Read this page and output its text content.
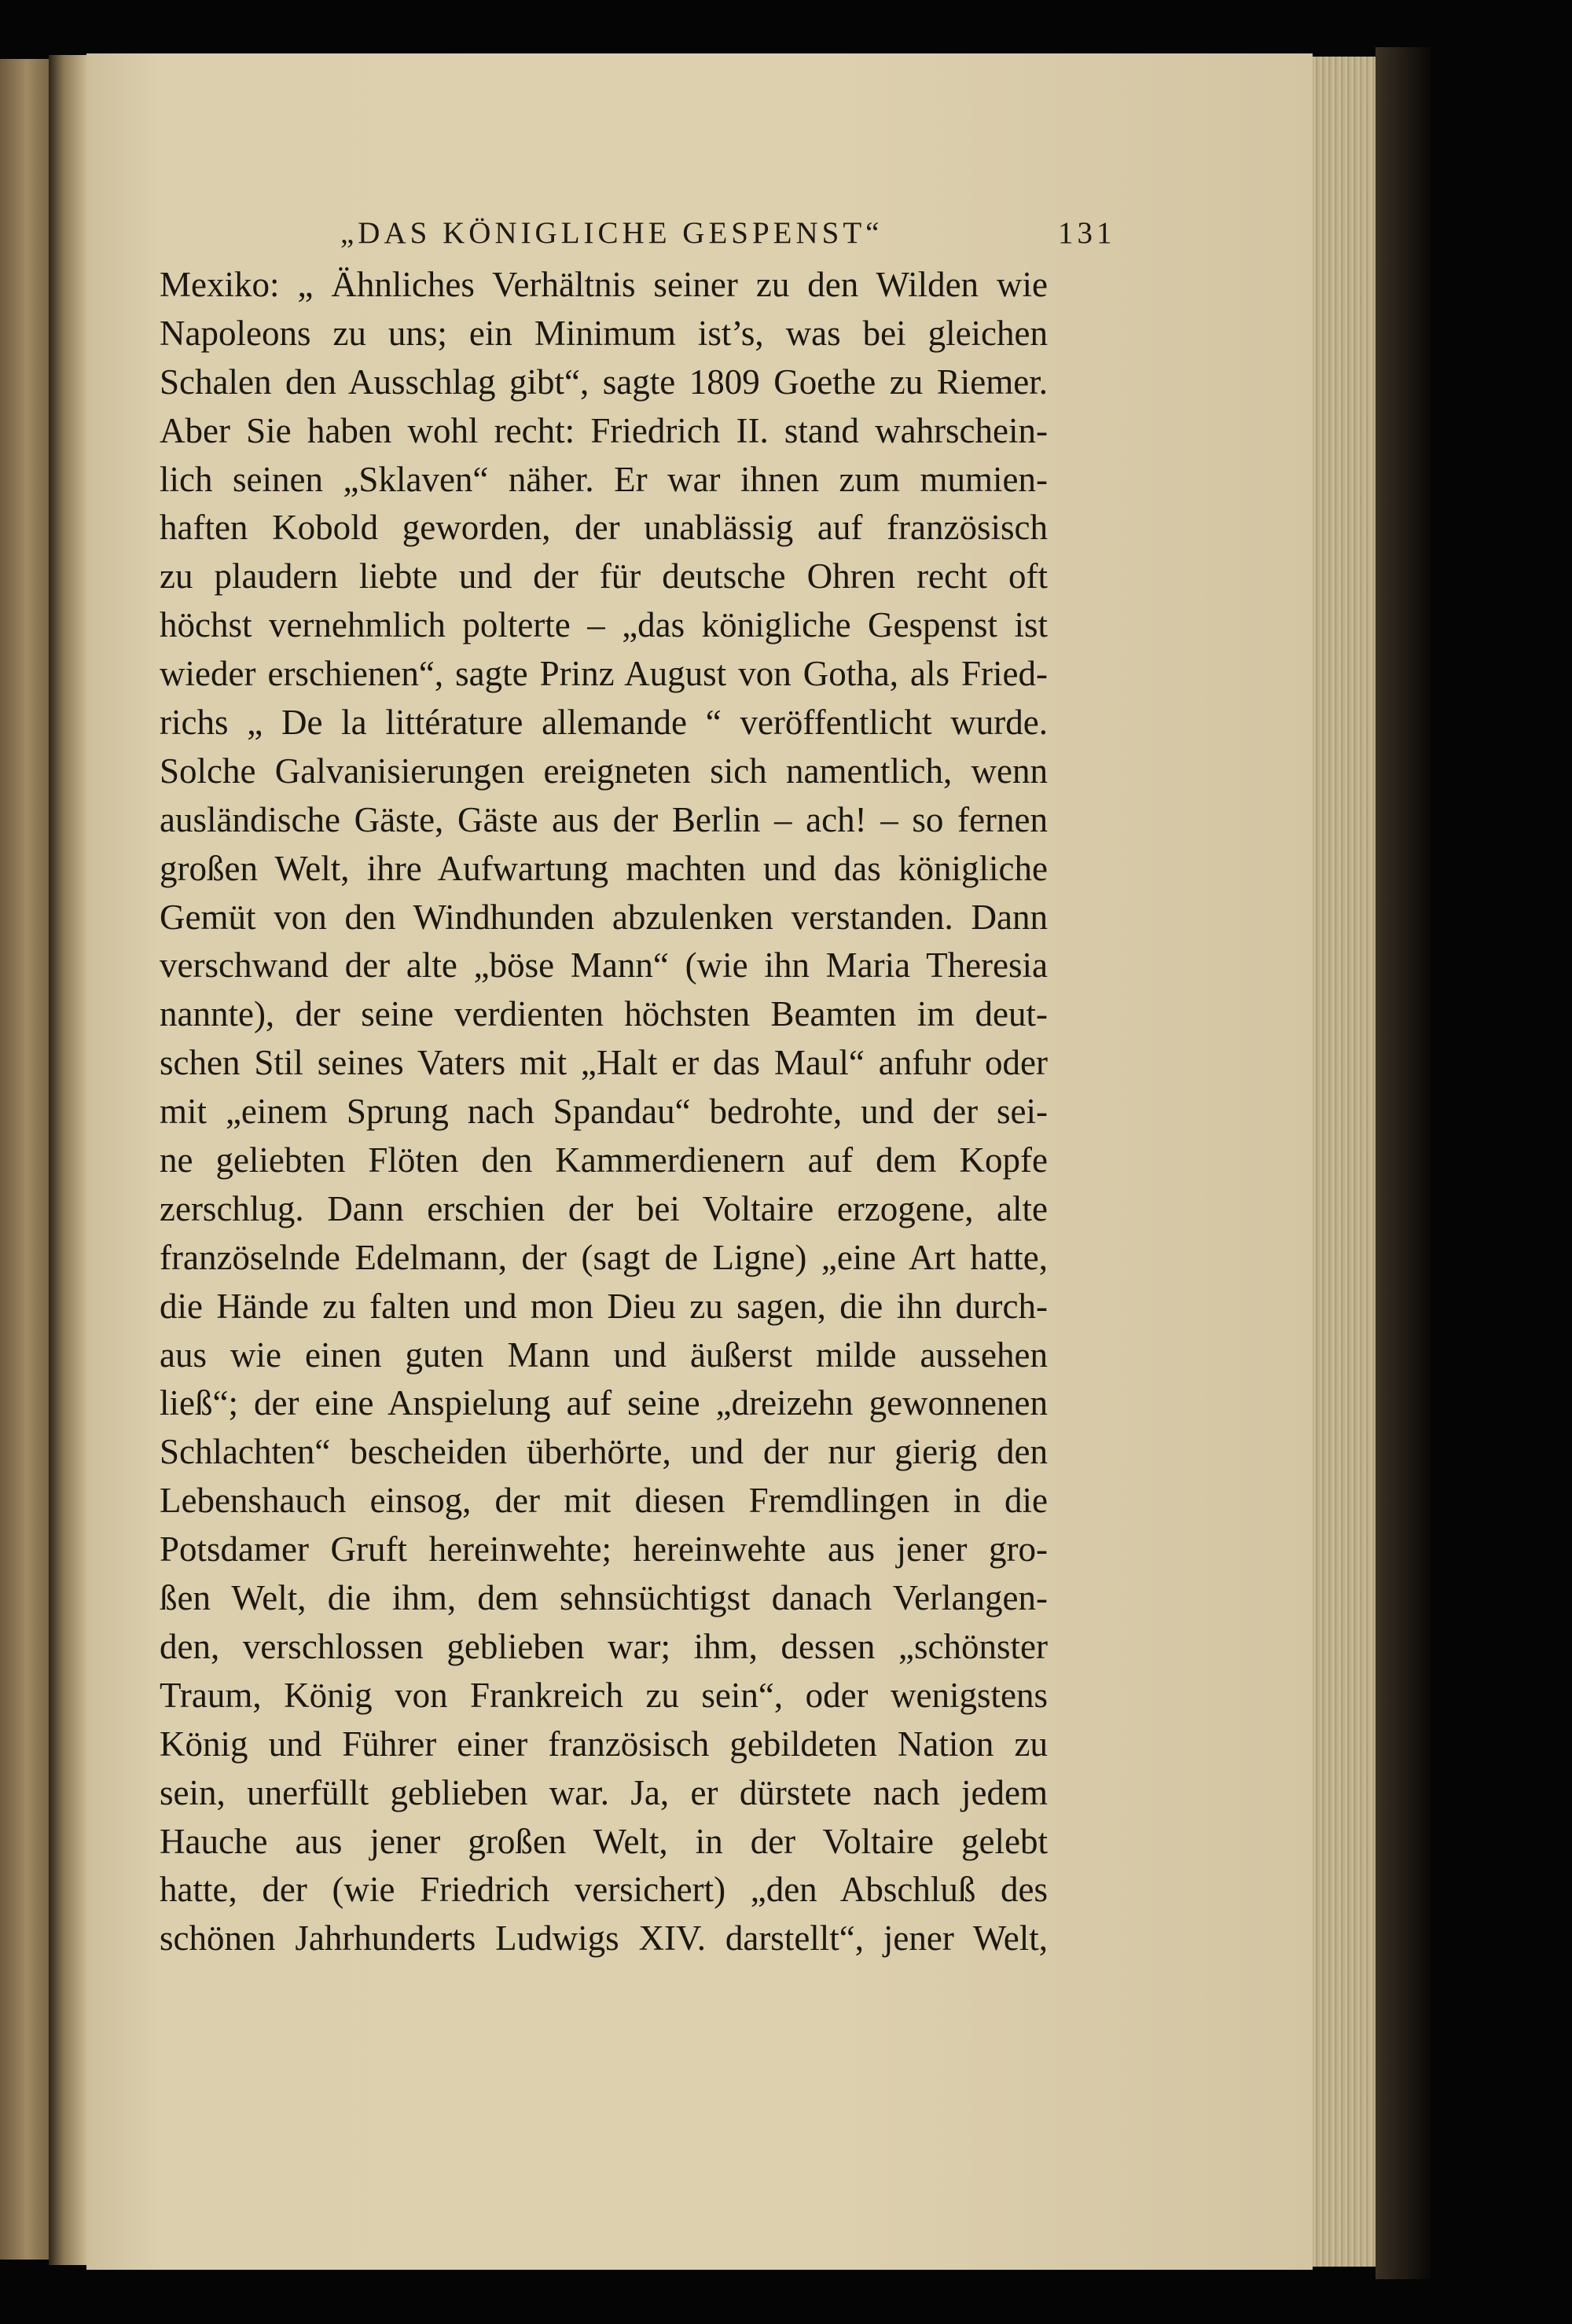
„DAS KÖNIGLICHE GESPENST“	131
Mexiko: „ Ähnliches Verhältnis seiner zu den Wilden wie
Napoleons zu uns; ein Minimum ist’s, was bei gleichen
Schalen den Ausschlag gibt“, sagte 1809 Goethe zu Riemer.
Aber Sie haben wohl recht: Friedrich II. stand wahrschein-
lich seinen „Sklaven“ näher. Er war ihnen zum mumien-
haften Kobold geworden, der unablässig auf französisch
zu plaudern liebte und der für deutsche Ohren recht oft
höchst vernehmlich polterte – „das königliche Gespenst ist
wieder erschienen“, sagte Prinz August von Gotha, als Fried-
richs „ De la littérature allemande “ veröffentlicht wurde.
Solche Galvanisierungen ereigneten sich namentlich, wenn
ausländische Gäste, Gäste aus der Berlin – ach! – so fernen
großen Welt, ihre Aufwartung machten und das königliche
Gemüt von den Windhunden abzulenken verstanden. Dann
verschwand der alte „böse Mann“ (wie ihn Maria Theresia
nannte), der seine verdienten höchsten Beamten im deut-
schen Stil seines Vaters mit „Halt er das Maul“ anfuhr oder
mit „einem Sprung nach Spandau“ bedrohte, und der sei-
ne geliebten Flöten den Kammerdienern auf dem Kopfe
zerschlug. Dann erschien der bei Voltaire erzogene, alte
französelnde Edelmann, der (sagt de Ligne) „eine Art hatte,
die Hände zu falten und mon Dieu zu sagen, die ihn durch-
aus wie einen guten Mann und äußerst milde aussehen
ließ“; der eine Anspielung auf seine „dreizehn gewonnenen
Schlachten“ bescheiden überhörte, und der nur gierig den
Lebenshauch einsog, der mit diesen Fremdlingen in die
Potsdamer Gruft hereinwehte; hereinwehte aus jener gro-
ßen Welt, die ihm, dem sehnsüchtigst danach Verlangen-
den, verschlossen geblieben war; ihm, dessen „schönster
Traum, König von Frankreich zu sein“, oder wenigstens
König und Führer einer französisch gebildeten Nation zu
sein, unerfüllt geblieben war. Ja, er dürstete nach jedem
Hauche aus jener großen Welt, in der Voltaire gelebt
hatte, der (wie Friedrich versichert) „den Abschluß des
schönen Jahrhunderts Ludwigs XIV. darstellt“, jener Welt,
